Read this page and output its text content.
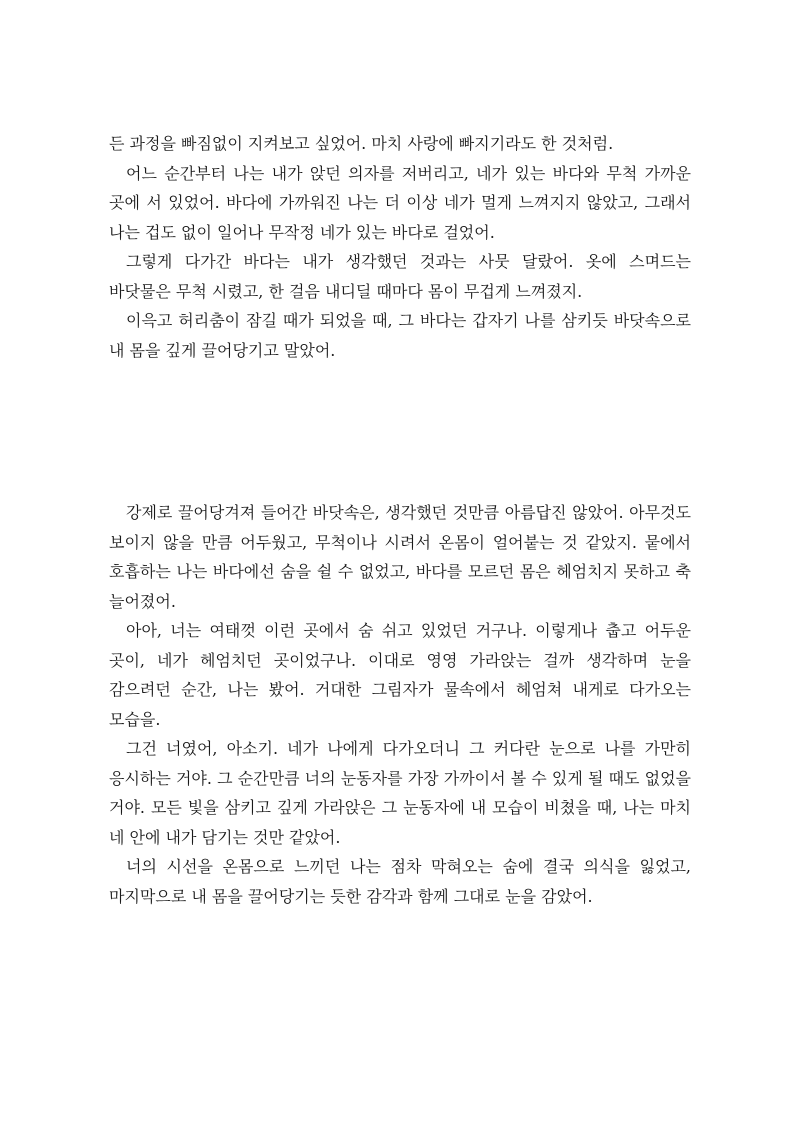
든 과정을 빠짐없이 지켜보고 싶었어. 마치 사랑에 빠지기라도 한 것처럼.

어느 순간부터 나는 내가 앉던 의자를 저버리고, 네가 있는 바다와 무척 가까운 곳에 서 있었어. 바다에 가까워진 나는 더 이상 네가 멀게 느껴지지 않았고, 그래서 나는 겁도 없이 일어나 무작정 네가 있는 바다로 걸었어.

그렇게 다가간 바다는 내가 생각했던 것과는 사뭇 달랐어. 옷에 스며드는 바닷물은 무척 시렸고, 한 걸음 내디딜 때마다 몸이 무겁게 느껴졌지.

이윽고 허리춤이 잠길 때가 되었을 때, 그 바다는 갑자기 나를 삼키듯 바닷속으로 내 몸을 깊게 끌어당기고 말았어.

강제로 끌어당겨져 들어간 바닷속은, 생각했던 것만큼 아름답진 않았어. 아무것도 보이지 않을 만큼 어두웠고, 무척이나 시려서 온몸이 얼어붙는 것 같았지. 뭍에서 호흡하는 나는 바다에선 숨을 쉴 수 없었고, 바다를 모르던 몸은 헤엄치지 못하고 축 늘어졌어.

아아, 너는 여태껏 이런 곳에서 숨 쉬고 있었던 거구나. 이렇게나 춥고 어두운 곳이, 네가 헤엄치던 곳이었구나. 이대로 영영 가라앉는 걸까 생각하며 눈을 감으려던 순간, 나는 봤어. 거대한 그림자가 물속에서 헤엄쳐 내게로 다가오는 모습을.

그건 너였어, 아소기. 네가 나에게 다가오더니 그 커다란 눈으로 나를 가만히 응시하는 거야. 그 순간만큼 너의 눈동자를 가장 가까이서 볼 수 있게 될 때도 없었을 거야. 모든 빛을 삼키고 깊게 가라앉은 그 눈동자에 내 모습이 비쳤을 때, 나는 마치 네 안에 내가 담기는 것만 같았어.

너의 시선을 온몸으로 느끼던 나는 점차 막혀오는 숨에 결국 의식을 잃었고, 마지막으로 내 몸을 끌어당기는 듯한 감각과 함께 그대로 눈을 감았어.
